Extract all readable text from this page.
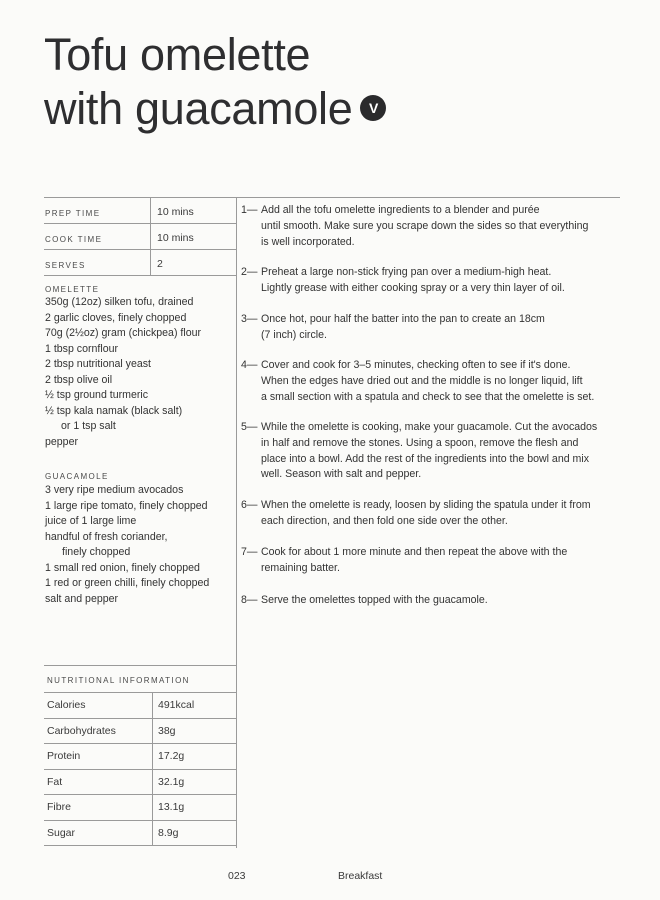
Tofu omelette
with guacamole V
PREP TIME	10 mins
COOK TIME	10 mins
SERVES	2
OMELETTE
350g (12oz) silken tofu, drained
2 garlic cloves, finely chopped
70g (2½oz) gram (chickpea) flour
1 tbsp cornflour
2 tbsp nutritional yeast
2 tbsp olive oil
½ tsp ground turmeric
½ tsp kala namak (black salt)
or 1 tsp salt
pepper
GUACAMOLE
3 very ripe medium avocados
1 large ripe tomato, finely chopped
juice of 1 large lime
handful of fresh coriander,
finely chopped
1 small red onion, finely chopped
1 red or green chilli, finely chopped
salt and pepper
1— Add all the tofu omelette ingredients to a blender and purée
until smooth. Make sure you scrape down the sides so that everything
is well incorporated.
2— Preheat a large non-stick frying pan over a medium-high heat.
Lightly grease with either cooking spray or a very thin layer of oil.
3— Once hot, pour half the batter into the pan to create an 18cm
(7 inch) circle.
4— Cover and cook for 3–5 minutes, checking often to see if it's done.
When the edges have dried out and the middle is no longer liquid, lift
a small section with a spatula and check to see that the omelette is set.
5— While the omelette is cooking, make your guacamole. Cut the avocados
in half and remove the stones. Using a spoon, remove the flesh and
place into a bowl. Add the rest of the ingredients into the bowl and mix
well. Season with salt and pepper.
6— When the omelette is ready, loosen by sliding the spatula under it from
each direction, and then fold one side over the other.
7— Cook for about 1 more minute and then repeat the above with the
remaining batter.
8— Serve the omelettes topped with the guacamole.
NUTRITIONAL INFORMATION
Calories	491kcal
Carbohydrates	38g
Protein	17.2g
Fat	32.1g
Fibre	13.1g
Sugar	8.9g
023	Breakfast
